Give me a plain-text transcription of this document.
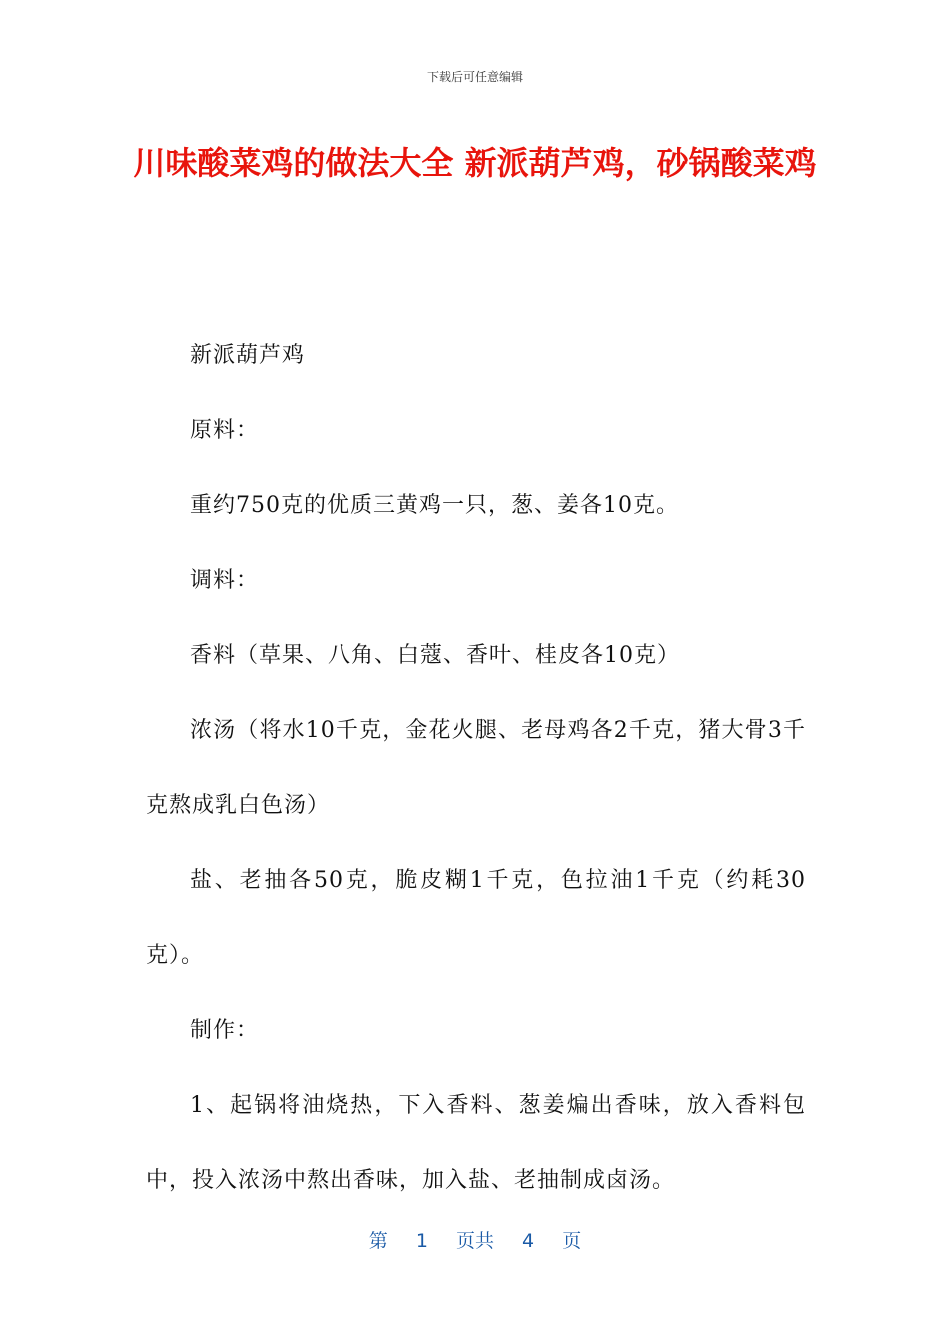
下载后可任意编辑
川味酸菜鸡的做法大全 新派葫芦鸡，砂锅酸菜鸡

新派葫芦鸡

原料：

重约750克的优质三黄鸡一只，葱、姜各10克。

调料：

香料（草果、八角、白蔻、香叶、桂皮各10克）

浓汤（将水10千克，金花火腿、老母鸡各2千克，猪大骨3千克熬成乳白色汤）

盐、老抽各50克，脆皮糊1千克，色拉油1千克（约耗30克）。

制作：

1、起锅将油烧热，下入香料、葱姜煸出香味，放入香料包中，投入浓汤中熬出香味，加入盐、老抽制成卤汤。

第 1 页共 4 页
